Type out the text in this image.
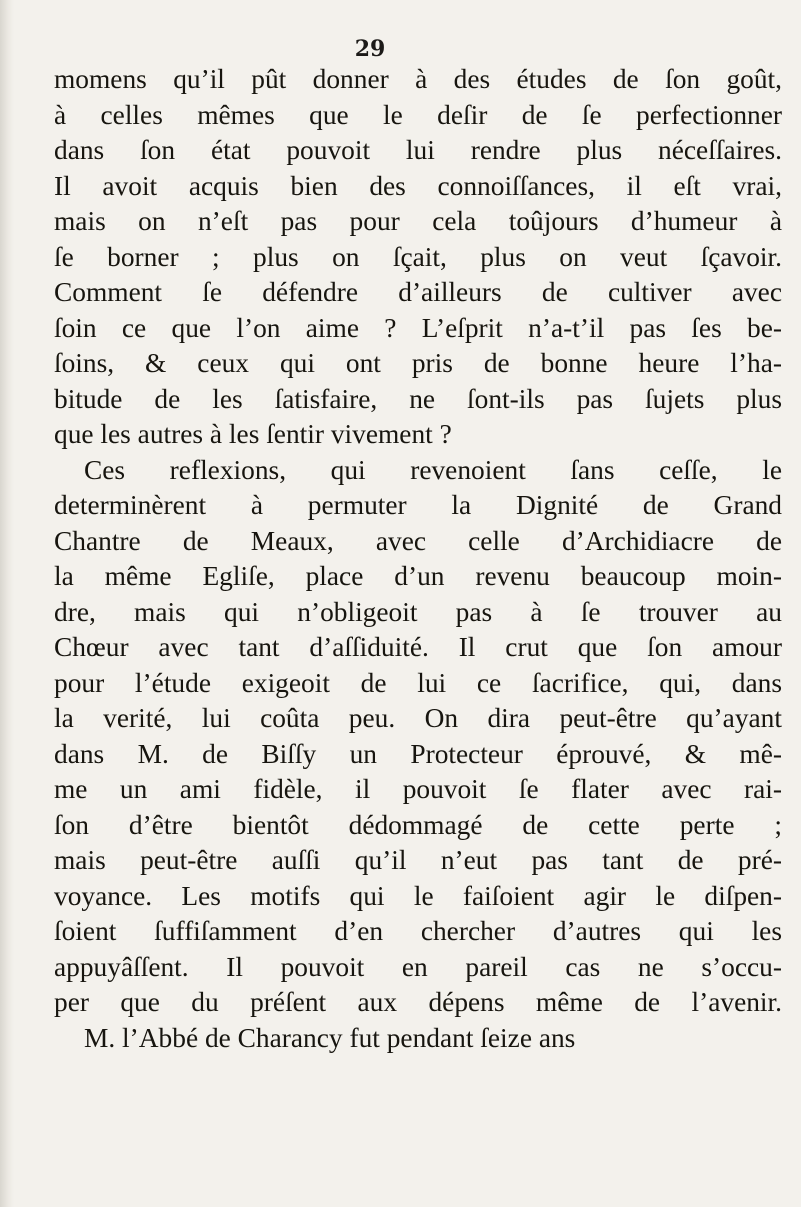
29
momens qu’il pût donner à des études de ſon goût,
à celles mêmes que le deſir de ſe perfectionner
dans ſon état pouvoit lui rendre plus néceſſaires.
Il avoit acquis bien des connoiſſances, il eſt vrai,
mais on n’eſt pas pour cela toûjours d’humeur à
ſe borner ; plus on ſçait, plus on veut ſçavoir.
Comment ſe défendre d’ailleurs de cultiver avec
ſoin ce que l’on aime ? L’eſprit n’a-t’il pas ſes be-
ſoins, & ceux qui ont pris de bonne heure l’ha-
bitude de les ſatisfaire, ne ſont-ils pas ſujets plus
que les autres à les ſentir vivement ?
Ces reflexions, qui revenoient ſans ceſſe, le
determinèrent à permuter la Dignité de Grand
Chantre de Meaux, avec celle d’Archidiacre de
la même Egliſe, place d’un revenu beaucoup moin-
dre, mais qui n’obligeoit pas à ſe trouver au
Chœur avec tant d’aſſiduité. Il crut que ſon amour
pour l’étude exigeoit de lui ce ſacrifice, qui, dans
la verité, lui coûta peu. On dira peut-être qu’ayant
dans M. de Biſſy un Protecteur éprouvé, & mê-
me un ami fidèle, il pouvoit ſe flater avec rai-
ſon d’être bientôt dédommagé de cette perte ;
mais peut-être auſſi qu’il n’eut pas tant de pré-
voyance. Les motifs qui le faiſoient agir le diſpen-
ſoient ſuffiſamment d’en chercher d’autres qui les
appuyâſſent. Il pouvoit en pareil cas ne s’occu-
per que du préſent aux dépens même de l’avenir.
M. l’Abbé de Charancy fut pendant ſeize ans
